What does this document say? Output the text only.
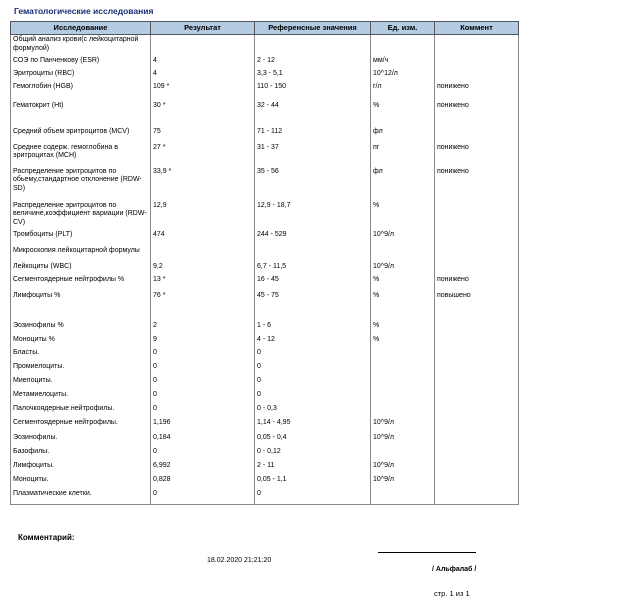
Гематологические исследования
Исследование	Результат	Референсные значения	Ед. изм.	Коммент
Общий анализ крови(с лейкоцитарной формулой)				
СОЭ по Панченкову (ESR)	4	2 - 12	мм/ч	
Эритроциты (RBC)	4	3,3 - 5,1	10^12/л	
Гемоглобин (HGB)	109 *	110 - 150	г/л	понижено
Гематокрит (Ht)	30 *	32 - 44	%	понижено
Средний объем эритроцитов (MCV)	75	71 - 112	фл	
Среднее содерж. гемоглобина в эритроцитах (MCH)	27 *	31 - 37	пг	понижено
Распределение эритроцитов по обьему,стандартное отклонение (RDW-SD)	33,9 *	35 - 56	фл	понижено
Распределение эритроцитов по величине,коэффициент вариации (RDW-CV)	12,9	12,9 - 18,7	%	
Тромбоциты (PLT)	474	244 - 529	10^9/л	
Микроскопия лейкоцитарной формулы				
Лейкоциты (WBC)	9,2	6,7 - 11,5	10^9/л	
Сегментоядерные нейтрофилы %	13 *	16 - 45	%	понижено
Лимфоциты %	76 *	45 - 75	%	повышено
Эозинофилы %	2	1 - 6	%	
Моноциты %	9	4 - 12	%	
Бласты.	0	0		
Промиелоциты.	0	0		
Миелоциты.	0	0		
Метамиелоциты.	0	0		
Палочкоядерные нейтрофилы.	0	0 - 0,3		
Сегментоядерные нейтрофилы.	1,196	1,14 - 4,95	10^9/л	
Эозинофилы.	0,184	0,05 - 0,4	10^9/л	
Базофилы.	0	0 - 0,12		
Лимфоциты.	6,992	2 - 11	10^9/л	
Моноциты.	0,828	0,05 - 1,1	10^9/л	
Плазматические клетки.	0	0		
Комментарий:
18.02.2020 21:21:20
/ Альфалаб /
стр. 1 из 1
